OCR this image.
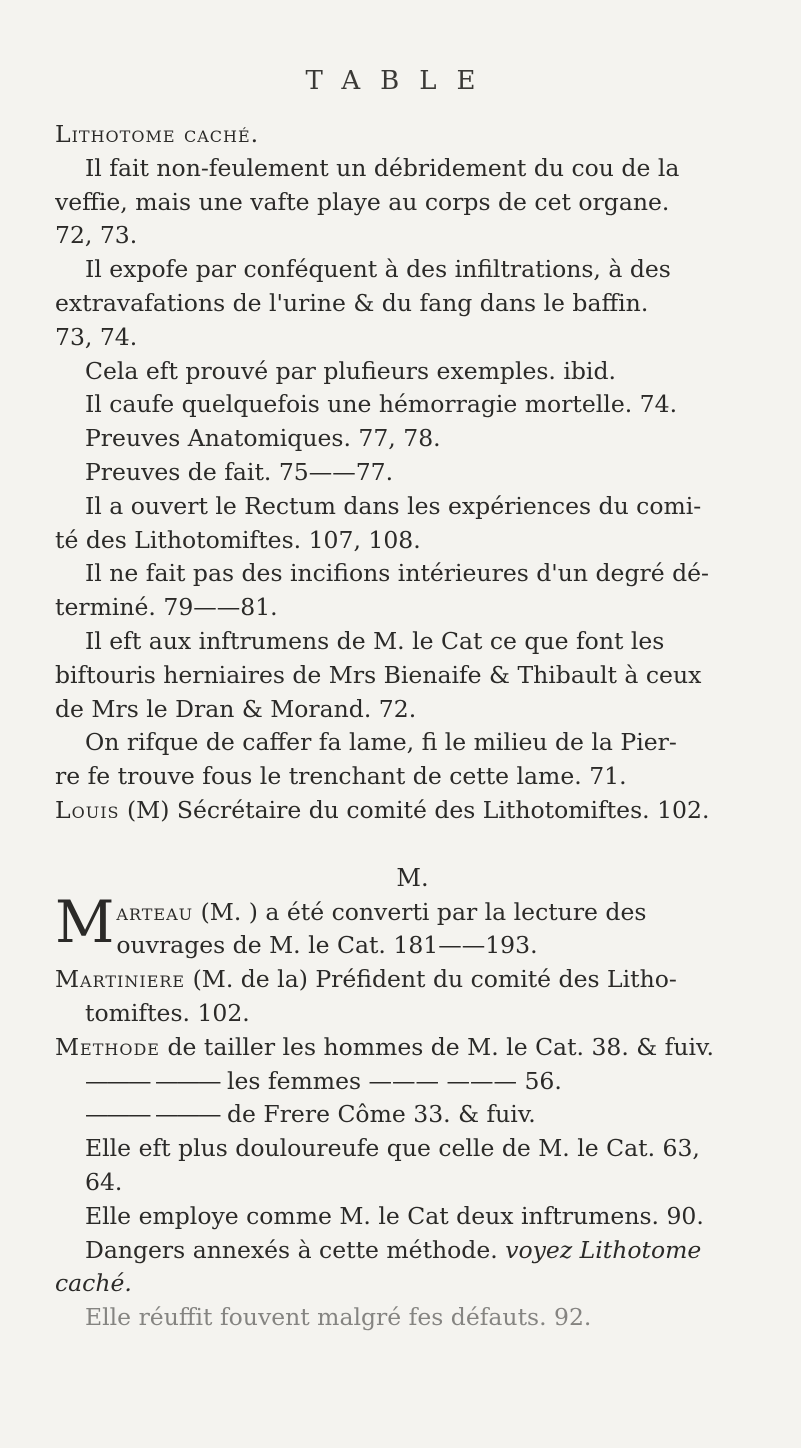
TABLE
Lithotome caché.
Il fait non-feulement un débridement du cou de la
veffie, mais une vafte playe au corps de cet organe.
72, 73.
Il expofe par conféquent à des infiltrations, à des
extravafations de l'urine & du fang dans le baffin.
73, 74.
Cela eft prouvé par plufieurs exemples. ibid.
Il caufe quelquefois une hémorragie mortelle. 74.
Preuves Anatomiques. 77, 78.
Preuves de fait. 75——77.
Il a ouvert le Rectum dans les expériences du comi-
té des Lithotomiftes. 107, 108.
Il ne fait pas des incifions intérieures d'un degré dé-
terminé. 79——81.
Il eft aux inftrumens de M. le Cat ce que font les
biftouris herniaires de Mrs Bienaife & Thibault à ceux
de Mrs le Dran & Morand. 72.
On rifque de caffer fa lame, fi le milieu de la Pier-
re fe trouve fous le trenchant de cette lame. 71.
Louis (M) Sécrétaire du comité des Lithotomiftes. 102.
M.
M arteau (M. ) a été converti par la lecture des
ouvrages de M. le Cat. 181——193.
Martiniere (M. de la) Préfident du comité des Litho-
tomiftes. 102.
Methode de tailler les hommes de M. le Cat. 38. & fuiv.
——— ——— les femmes ——— ——— 56.
——— ——— de Frere Côme 33. & fuiv.
Elle eft plus douloureufe que celle de M. le Cat. 63,
64.
Elle employe comme M. le Cat deux inftrumens. 90.
Dangers annexés à cette méthode. voyez Lithotome
caché.
Elle réuffit fouvent malgré fes défauts. 92.
